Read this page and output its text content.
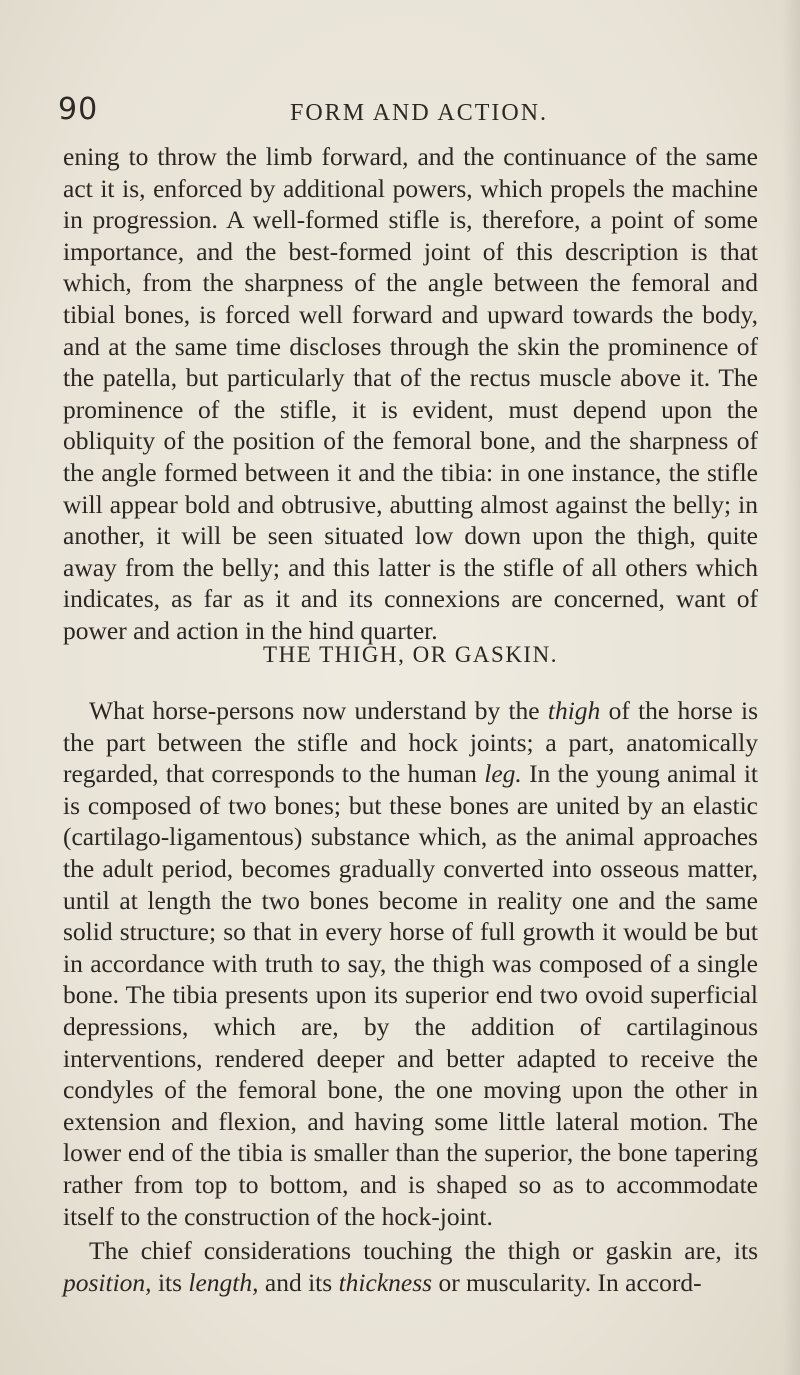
90	FORM AND ACTION.

ening to throw the limb forward, and the continuance of the same act it is, enforced by additional powers, which propels the machine in progression. A well-formed stifle is, therefore, a point of some importance, and the best-formed joint of this description is that which, from the sharpness of the angle between the femoral and tibial bones, is forced well forward and upward towards the body, and at the same time discloses through the skin the prominence of the patella, but particularly that of the rectus muscle above it. The prominence of the stifle, it is evident, must depend upon the obliquity of the position of the femoral bone, and the sharpness of the angle formed between it and the tibia: in one instance, the stifle will appear bold and obtrusive, abutting almost against the belly; in another, it will be seen situated low down upon the thigh, quite away from the belly; and this latter is the stifle of all others which indicates, as far as it and its connexions are concerned, want of power and action in the hind quarter.

THE THIGH, OR GASKIN.

What horse-persons now understand by the thigh of the horse is the part between the stifle and hock joints; a part, anatomically regarded, that corresponds to the human leg. In the young animal it is composed of two bones; but these bones are united by an elastic (cartilago-ligamentous) substance which, as the animal approaches the adult period, becomes gradually converted into osseous matter, until at length the two bones become in reality one and the same solid structure; so that in every horse of full growth it would be but in accordance with truth to say, the thigh was composed of a single bone. The tibia presents upon its superior end two ovoid superficial depressions, which are, by the addition of cartilaginous interventions, rendered deeper and better adapted to receive the condyles of the femoral bone, the one moving upon the other in extension and flexion, and having some little lateral motion. The lower end of the tibia is smaller than the superior, the bone tapering rather from top to bottom, and is shaped so as to accommodate itself to the construction of the hock-joint.

The chief considerations touching the thigh or gaskin are, its position, its length, and its thickness or muscularity. In accord-
